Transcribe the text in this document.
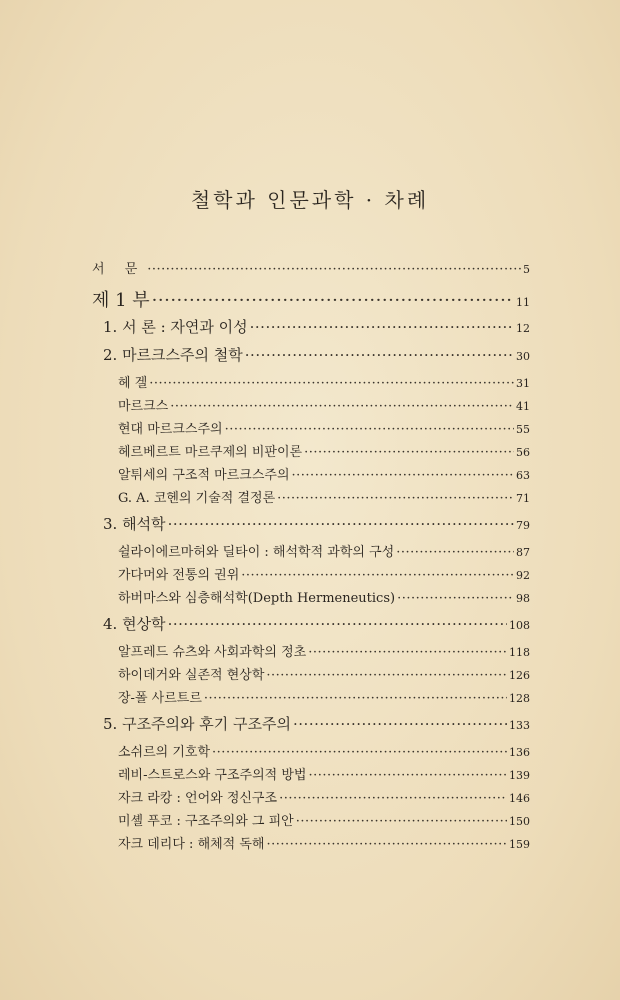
철학과 인문과학 · 차례
서 문 ·····	5
제 1 부 ·····	11
1. 서 론 : 자연과 이성 ·····	12
2. 마르크스주의 철학 ·····	30
헤 겔 ·····	31
마르크스 ·····	41
현대 마르크스주의 ·····	55
헤르베르트 마르쿠제의 비판이론 ·····	56
알튀세의 구조적 마르크스주의 ·····	63
G. A. 코헨의 기술적 결정론 ·····	71
3. 해석학 ·····	79
쉴라이에르마허와 딜타이 : 해석학적 과학의 구성 ·····	87
가다머와 전통의 권위 ·····	92
하버마스와 심층해석학(Depth Hermeneutics) ·····	98
4. 현상학 ·····	108
알프레드 슈츠와 사회과학의 정초 ·····	118
하이데거와 실존적 현상학 ·····	126
장-폴 사르트르 ·····	128
5. 구조주의와 후기 구조주의 ·····	133
소쉬르의 기호학 ·····	136
레비-스트로스와 구조주의적 방법 ·····	139
자크 라캉 : 언어와 정신구조 ·····	146
미셸 푸코 : 구조주의와 그 피안 ·····	150
자크 데리다 : 해체적 독해 ·····	159
